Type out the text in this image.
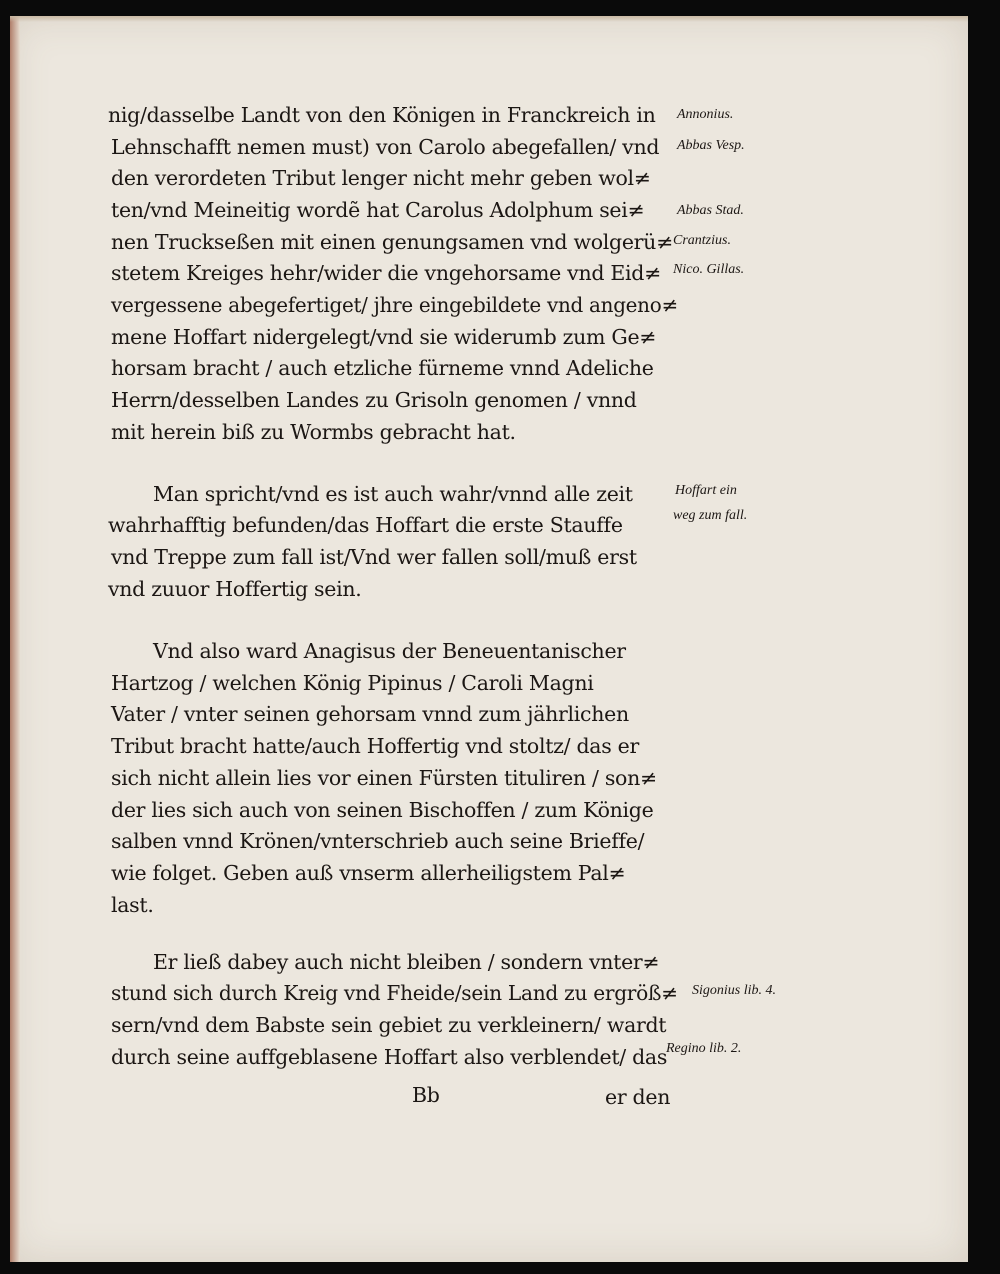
nig/dasselbe Landt von den Königen in Franckreich in
Lehnschafft nemen must) von Carolo abegefallen/ vnd
den verordeten Tribut lenger nicht mehr geben wol≠
ten/vnd Meineitig wordẽ hat Carolus Adolphum sei≠
nen Truckseßen mit einen genungsamen vnd wolgerü≠
stetem Kreiges hehr/wider die vngehorsame vnd Eid≠
vergessene abegefertiget/ jhre eingebildete vnd angeno≠
mene Hoffart nidergelegt/vnd sie widerumb zum Ge≠
horsam bracht / auch etzliche fürneme vnnd Adeliche
Herrn/desselben Landes zu Grisoln genomen / vnnd
mit herein biß zu Wormbs gebracht hat.
Man spricht/vnd es ist auch wahr/vnnd alle zeit
wahrhafftig befunden/das Hoffart die erste Stauffe
vnd Treppe zum fall ist/Vnd wer fallen soll/muß erst
vnd zuuor Hoffertig sein.
Vnd also ward Anagisus der Beneuentanischer
Hartzog / welchen König Pipinus / Caroli Magni
Vater / vnter seinen gehorsam vnnd zum jährlichen
Tribut bracht hatte/auch Hoffertig vnd stoltz/ das er
sich nicht allein lies vor einen Fürsten tituliren / son≠
der lies sich auch von seinen Bischoffen / zum Könige
salben vnnd Krönen/vnterschrieb auch seine Brieffe/
wie folget. Geben auß vnserm allerheiligstem Pal≠
last.
Er ließ dabey auch nicht bleiben / sondern vnter≠
stund sich durch Kreig vnd Fheide/sein Land zu ergröß≠
sern/vnd dem Babste sein gebiet zu verkleinern/ wardt
durch seine auffgeblasene Hoffart also verblendet/ das
Bb	er den
Annonius.
Abbas Vesp.
Abbas Stad.
Crantzius.
Nico. Gillas.
Hoffart ein
weg zum fall.
Sigonius lib. 4.
Regino lib. 2.
